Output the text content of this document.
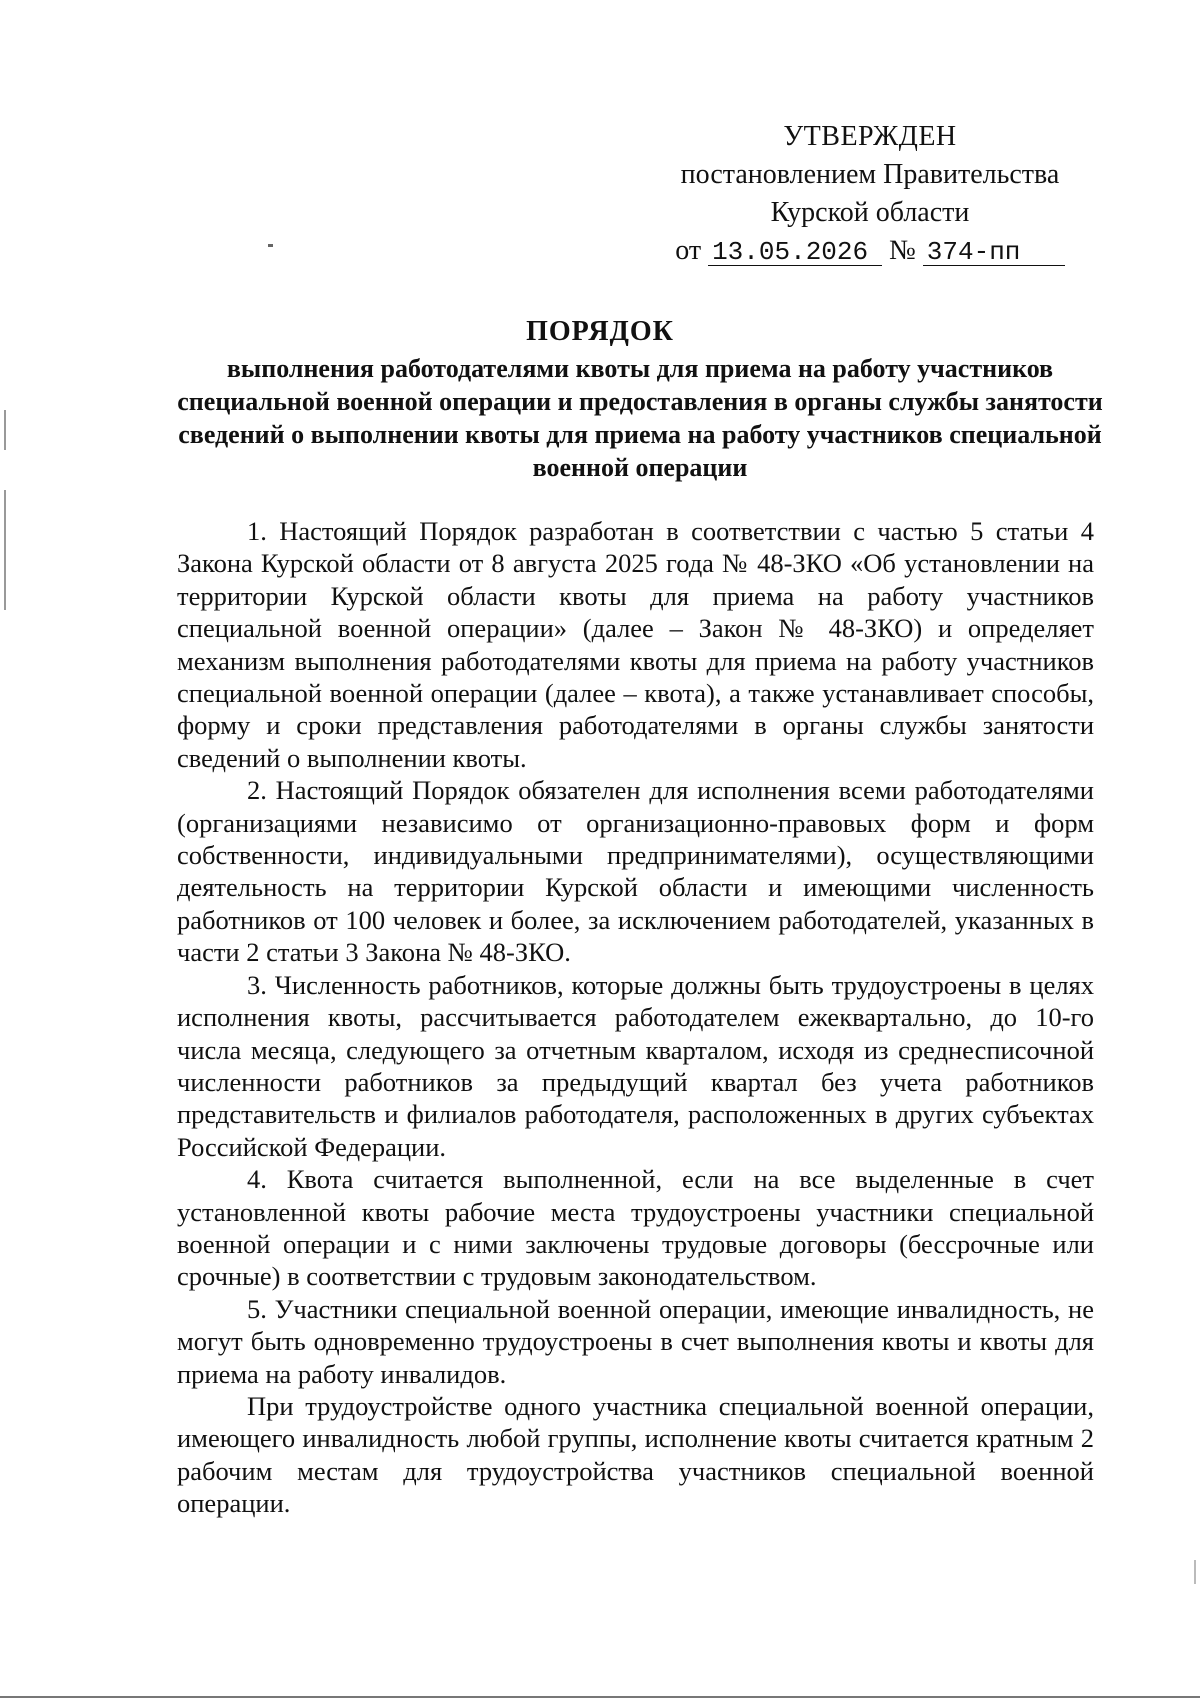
УТВЕРЖДЕН
постановлением Правительства
Курской области
от 13.05.2026 № 374-пп
ПОРЯДОК
выполнения работодателями квоты для приема на работу участников специальной военной операции и предоставления в органы службы занятости сведений о выполнении квоты для приема на работу участников специальной военной операции

1. Настоящий Порядок разработан в соответствии с частью 5 статьи 4 Закона Курской области от 8 августа 2025 года № 48-ЗКО «Об установлении на территории Курской области квоты для приема на работу участников специальной военной операции» (далее – Закон № 48-ЗКО) и определяет механизм выполнения работодателями квоты для приема на работу участников специальной военной операции (далее – квота), а также устанавливает способы, форму и сроки представления работодателями в органы службы занятости сведений о выполнении квоты.

2. Настоящий Порядок обязателен для исполнения всеми работодателями (организациями независимо от организационно-правовых форм и форм собственности, индивидуальными предпринимателями), осуществляющими деятельность на территории Курской области и имеющими численность работников от 100 человек и более, за исключением работодателей, указанных в части 2 статьи 3 Закона № 48-ЗКО.

3. Численность работников, которые должны быть трудоустроены в целях исполнения квоты, рассчитывается работодателем ежеквартально, до 10-го числа месяца, следующего за отчетным кварталом, исходя из среднесписочной численности работников за предыдущий квартал без учета работников представительств и филиалов работодателя, расположенных в других субъектах Российской Федерации.

4. Квота считается выполненной, если на все выделенные в счет установленной квоты рабочие места трудоустроены участники специальной военной операции и с ними заключены трудовые договоры (бессрочные или срочные) в соответствии с трудовым законодательством.

5. Участники специальной военной операции, имеющие инвалидность, не могут быть одновременно трудоустроены в счет выполнения квоты и квоты для приема на работу инвалидов.

При трудоустройстве одного участника специальной военной операции, имеющего инвалидность любой группы, исполнение квоты считается кратным 2 рабочим местам для трудоустройства участников специальной военной операции.
